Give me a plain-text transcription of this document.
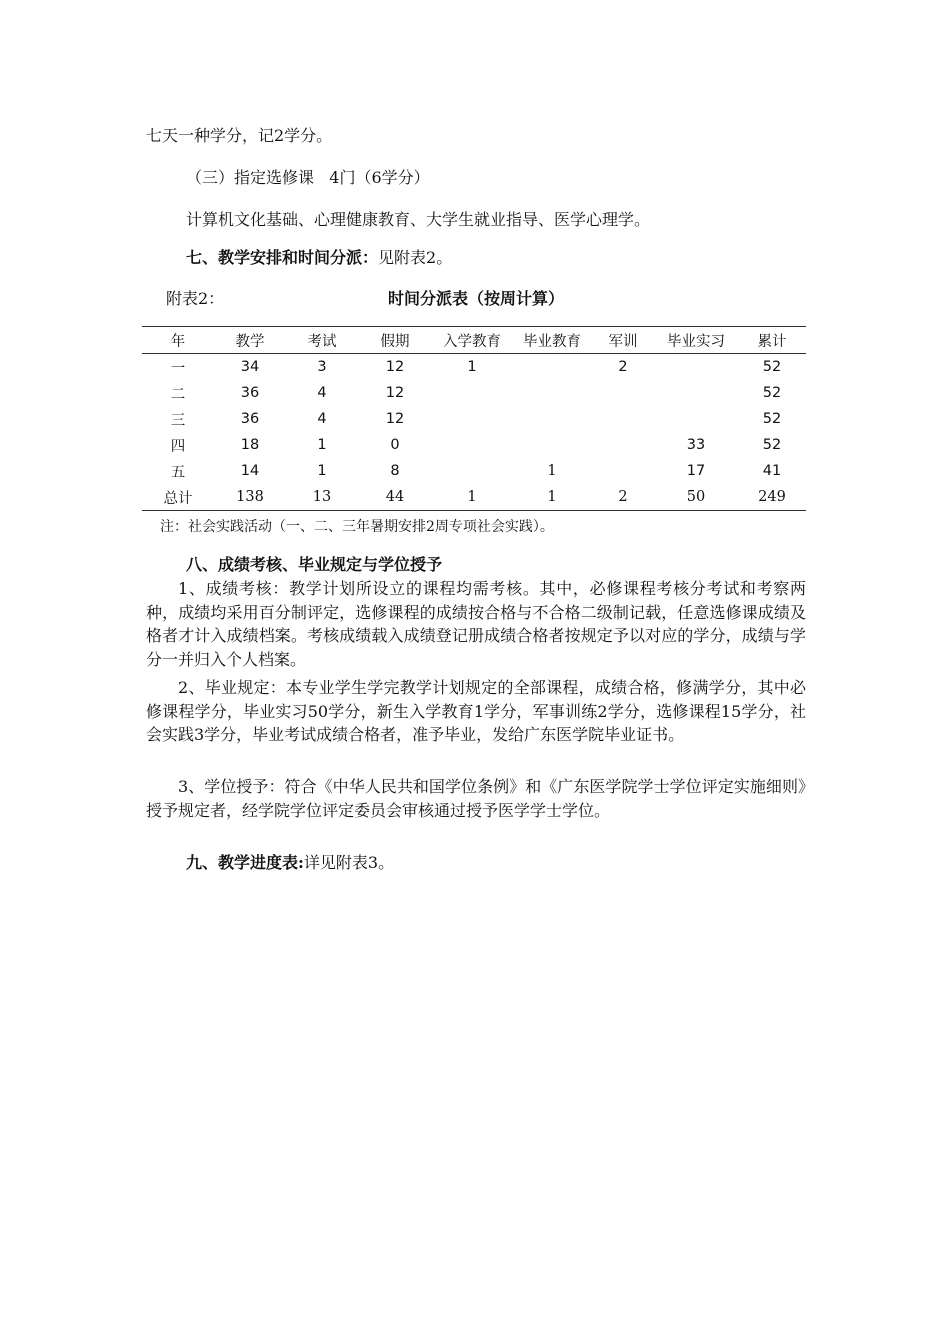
七天一种学分，记2学分。
（三）指定选修课 4门（6学分）
计算机文化基础、心理健康教育、大学生就业指导、医学心理学。
七、教学安排和时间分派：见附表2。
附表2：	时间分派表（按周计算）
年	教学	考试	假期	入学教育	毕业教育	军训	毕业实习	累计
一	34	3	12	1		2		52
二	36	4	12					52
三	36	4	12					52
四	18	1	0				33	52
五	14	1	8		1		17	41
总计	138	13	44	1	1	2	50	249
注：社会实践活动（一、二、三年暑期安排2周专项社会实践）。
八、成绩考核、毕业规定与学位授予

1、成绩考核：教学计划所设立的课程均需考核。其中，必修课程考核分考试和考察两种，成绩均采用百分制评定，选修课程的成绩按合格与不合格二级制记载，任意选修课成绩及格者才计入成绩档案。考核成绩载入成绩登记册成绩合格者按规定予以对应的学分，成绩与学分一并归入个人档案。

2、毕业规定：本专业学生学完教学计划规定的全部课程，成绩合格，修满学分，其中必修课程学分，毕业实习50学分，新生入学教育1学分，军事训练2学分，选修课程15学分，社会实践3学分，毕业考试成绩合格者，准予毕业，发给广东医学院毕业证书。

3、学位授予：符合《中华人民共和国学位条例》和《广东医学院学士学位评定实施细则》授予规定者，经学院学位评定委员会审核通过授予医学学士学位。

九、教学进度表:详见附表3。
